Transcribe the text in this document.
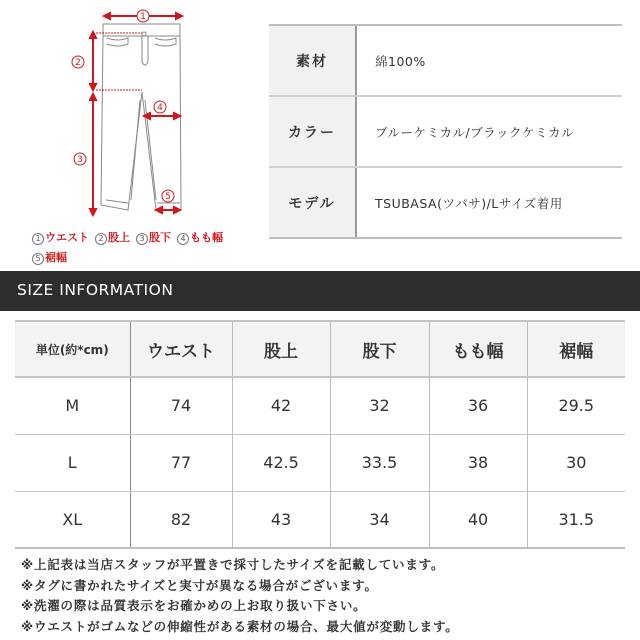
1
2
3
4
5
1 ウエスト 2 股上 3 股下 4 もも幅
5 裾幅
素材	綿100%
カラー	ブルーケミカル/ブラックケミカル
モデル	TSUBASA(ツバサ)/Lサイズ着用
SIZE INFORMATION
単位(約*cm)	ウエスト	股上	股下	もも幅	裾幅
M	74	42	32	36	29.5
L	77	42.5	33.5	38	30
XL	82	43	34	40	31.5
※上記表は当店スタッフが平置きで採寸したサイズを記載しています。
※タグに書かれたサイズと実寸が異なる場合がございます。
※洗濯の際は品質表示をお確かめの上お取り扱い下さい。
※ウエストがゴムなどの伸縮性がある素材の場合、最大値が変動します。
